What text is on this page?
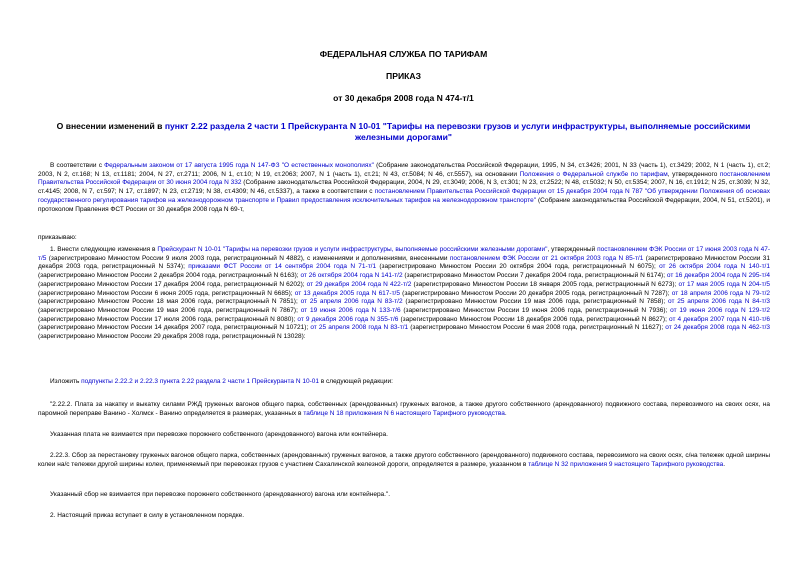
ФЕДЕРАЛЬНАЯ СЛУЖБА ПО ТАРИФАМ
ПРИКАЗ
от 30 декабря 2008 года N 474-т/1
О внесении изменений в пункт 2.22 раздела 2 части 1 Прейскуранта N 10-01 "Тарифы на перевозки грузов и услуги инфраструктуры, выполняемые российскими железными дорогами"
В соответствии с Федеральным законом от 17 августа 1995 года N 147-ФЗ "О естественных монополиях" (Собрание законодательства Российской Федерации, 1995, N 34, ст.3426; 2001, N 33 (часть 1), ст.3429; 2002, N 1 (часть 1), ст.2; 2003, N 2, ст.168; N 13, ст.1181; 2004, N 27, ст.2711; 2006, N 1, ст.10; N 19, ст.2063; 2007, N 1 (часть 1), ст.21; N 43, ст.5084; N 46, ст.5557), на основании Положения о Федеральной службе по тарифам, утвержденного постановлением Правительства Российской Федерации от 30 июня 2004 года N 332 (Собрание законодательства Российской Федерации, 2004, N 29, ст.3049; 2006, N 3, ст.301; N 23, ст.2522; N 48, ст.5032; N 50, ст.5354; 2007, N 16, ст.1912; N 25, ст.3039; N 32, ст.4145; 2008, N 7, ст.597; N 17, ст.1897; N 23, ст.2719; N 38, ст.4309; N 46, ст.5337), а также в соответствии с постановлением Правительства Российской Федерации от 15 декабря 2004 года N 787 "Об утверждении Положения об основах государственного регулирования тарифов на железнодорожном транспорте и Правил предоставления исключительных тарифов на железнодорожном транспорте" (Собрание законодательства Российской Федерации, 2004, N 51, ст.5201), и протоколом Правления ФСТ России от 30 декабря 2008 года N 69-т,
приказываю:
1. Внести следующие изменения в Прейскурант N 10-01 "Тарифы на перевозки грузов и услуги инфраструктуры, выполняемые российскими железными дорогами", утвержденный постановлением ФЭК России от 17 июня 2003 года N 47-т/5 (зарегистрировано Минюстом России 9 июля 2003 года, регистрационный N 4882), с изменениями и дополнениями, внесенными постановлением ФЭК России от 21 октября 2003 года N 85-т/1 (зарегистрировано Минюстом России 31 декабря 2003 года, регистрационный N 5374); приказами ФСТ России от 14 сентября 2004 года N 71-т/1 (зарегистрировано Минюстом России 20 октября 2004 года, регистрационный N 6075); от 26 октября 2004 года N 140-т/1 (зарегистрировано Минюстом России 2 декабря 2004 года, регистрационный N 6163); от 26 октября 2004 года N 141-т/2 (зарегистрировано Минюстом России 7 декабря 2004 года, регистрационный N 6174); от 16 декабря 2004 года N 295-т/4 (зарегистрировано Минюстом России 17 декабря 2004 года, регистрационный N 6202); от 29 декабря 2004 года N 422-т/2 (зарегистрировано Минюстом России 18 января 2005 года, регистрационный N 6273); от 17 мая 2005 года N 204-т/5 (зарегистрировано Минюстом России 6 июня 2005 года, регистрационный N 6685); от 13 декабря 2005 года N 617-т/5 (зарегистрировано Минюстом России 20 декабря 2005 года, регистрационный N 7287); от 18 апреля 2006 года N 79-т/2 (зарегистрировано Минюстом России 18 мая 2006 года, регистрационный N 7851); от 25 апреля 2006 года N 83-т/2 (зарегистрировано Минюстом России 19 мая 2006 года, регистрационный N 7858); от 25 апреля 2006 года N 84-т/3 (зарегистрировано Минюстом России 19 мая 2006 года, регистрационный N 7867); от 19 июня 2006 года N 133-т/6 (зарегистрировано Минюстом России 19 июня 2006 года, регистрационный N 7936); от 19 июня 2006 года N 129-т/2 (зарегистрировано Минюстом России 17 июля 2006 года, регистрационный N 8080); от 9 декабря 2006 года N 355-т/6 (зарегистрировано Минюстом России 18 декабря 2006 года, регистрационный N 8627); от 4 декабря 2007 года N 410-т/6 (зарегистрировано Минюстом России 14 декабря 2007 года, регистрационный N 10721); от 25 апреля 2008 года N 83-т/1 (зарегистрировано Минюстом России 6 мая 2008 года, регистрационный N 11627); от 24 декабря 2008 года N 462-т/3 (зарегистрировано Минюстом России 29 декабря 2008 года, регистрационный N 13028):
Изложить подпункты 2.22.2 и 2.22.3 пункта 2.22 раздела 2 части 1 Прейскуранта N 10-01 в следующей редакции:
"2.22.2. Плата за накатку и выкатку силами РЖД груженых вагонов общего парка, собственных (арендованных) груженых вагонов, а также другого собственного (арендованного) подвижного состава, перевозимого на своих осях, на паромной переправе Ванино - Холмск - Ванино определяется в размерах, указанных в таблице N 18 приложения N 6 настоящего Тарифного руководства.
Указанная плата не взимается при перевозке порожнего собственного (арендованного) вагона или контейнера.
2.22.3. Сбор за перестановку груженых вагонов общего парка, собственных (арендованных) груженых вагонов, а также другого собственного (арендованного) подвижного состава, перевозимого на своих осях, с/на тележек одной ширины колеи на/с тележки другой ширины колеи, применяемый при перевозках грузов с участием Сахалинской железной дороги, определяется в размере, указанном в таблице N 32 приложения 9 настоящего Тарифного руководства.
Указанный сбор не взимается при перевозке порожнего собственного (арендованного) вагона или контейнера.".
2. Настоящий приказ вступает в силу в установленном порядке.
